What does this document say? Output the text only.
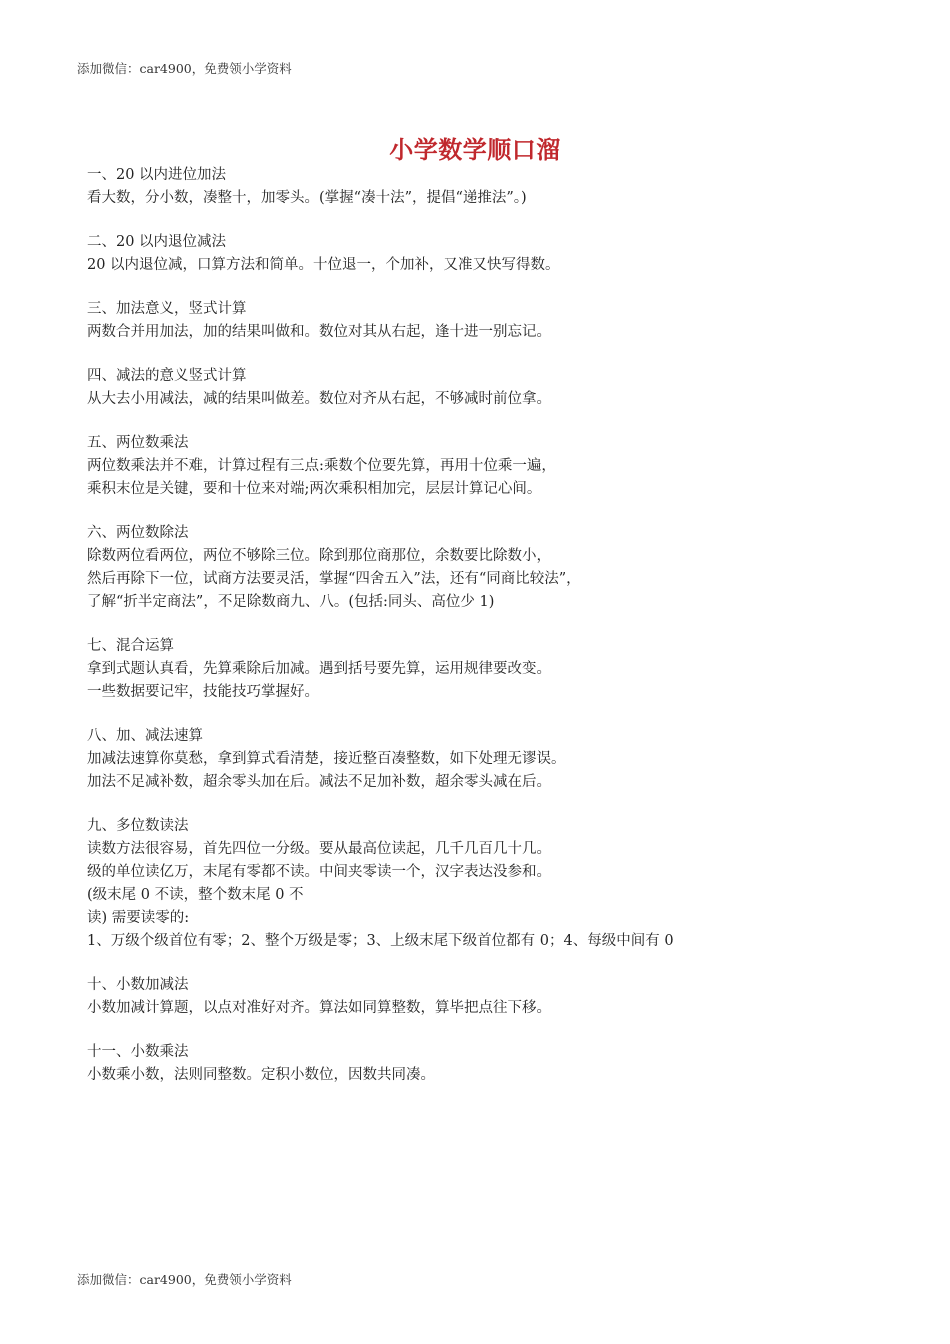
添加微信：car4900，免费领小学资料
小学数学顺口溜
一、20 以内进位加法
看大数，分小数，凑整十，加零头。(掌握“凑十法”，提倡“递推法”。)
二、20 以内退位减法
20 以内退位减，口算方法和简单。十位退一，个加补，又准又快写得数。
三、加法意义，竖式计算
两数合并用加法，加的结果叫做和。数位对其从右起，逢十进一别忘记。
四、减法的意义竖式计算
从大去小用减法，减的结果叫做差。数位对齐从右起，不够减时前位拿。
五、两位数乘法
两位数乘法并不难，计算过程有三点:乘数个位要先算，再用十位乘一遍，
乘积末位是关键，要和十位来对端;两次乘积相加完，层层计算记心间。
六、两位数除法
除数两位看两位，两位不够除三位。除到那位商那位，余数要比除数小，
然后再除下一位，试商方法要灵活，掌握“四舍五入”法，还有“同商比较法”，
了解“折半定商法”，不足除数商九、八。(包括:同头、高位少 1)
七、混合运算
拿到式题认真看，先算乘除后加减。遇到括号要先算，运用规律要改变。
一些数据要记牢，技能技巧掌握好。
八、加、减法速算
加减法速算你莫愁，拿到算式看清楚，接近整百凑整数，如下处理无谬误。
加法不足减补数，超余零头加在后。减法不足加补数，超余零头减在后。
九、多位数读法
读数方法很容易，首先四位一分级。要从最高位读起，几千几百几十几。
级的单位读亿万，末尾有零都不读。中间夹零读一个，汉字表达没参和。
(级末尾 0 不读，整个数末尾 0 不
读) 需要读零的:
1、万级个级首位有零；2、整个万级是零；3、上级末尾下级首位都有 0；4、每级中间有 0
十、小数加减法
小数加减计算题，以点对准好对齐。算法如同算整数，算毕把点往下移。
十一、小数乘法
小数乘小数，法则同整数。定积小数位，因数共同凑。
添加微信：car4900，免费领小学资料
